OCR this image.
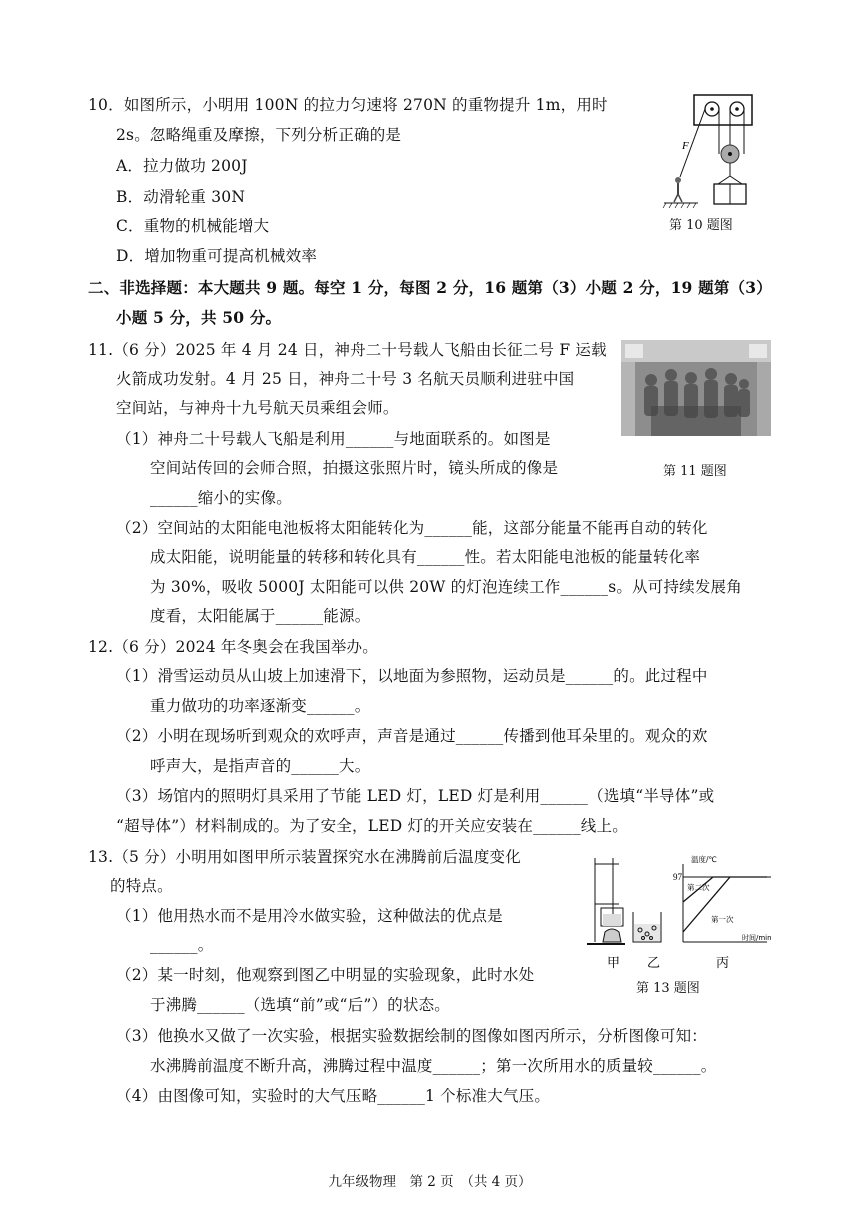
10．如图所示，小明用 100N 的拉力匀速将 270N 的重物提升 1m，用时
2s。忽略绳重及摩擦，下列分析正确的是
A．拉力做功 200J
B．动滑轮重 30N
C．重物的机械能增大
D．增加物重可提高机械效率
F
第 10 题图
二、非选择题：本大题共 9 题。每空 1 分，每图 2 分，16 题第（3）小题 2 分，19 题第（3）
小题 5 分，共 50 分。
11.（6 分）2025 年 4 月 24 日，神舟二十号载人飞船由长征二号 F 运载
火箭成功发射。4 月 25 日，神舟二十号 3 名航天员顺利进驻中国
空间站，与神舟十九号航天员乘组会师。
（1）神舟二十号载人飞船是利用______与地面联系的。如图是
空间站传回的会师合照，拍摄这张照片时，镜头所成的像是
______缩小的实像。
（2）空间站的太阳能电池板将太阳能转化为______能，这部分能量不能再自动的转化
成太阳能，说明能量的转移和转化具有______性。若太阳能电池板的能量转化率
为 30%，吸收 5000J 太阳能可以供 20W 的灯泡连续工作______s。从可持续发展角
度看，太阳能属于______能源。
第 11 题图
12.（6 分）2024 年冬奥会在我国举办。
（1）滑雪运动员从山坡上加速滑下，以地面为参照物，运动员是______的。此过程中
重力做功的功率逐渐变______。
（2）小明在现场听到观众的欢呼声，声音是通过______传播到他耳朵里的。观众的欢
呼声大，是指声音的______大。
（3）场馆内的照明灯具采用了节能 LED 灯，LED 灯是利用______（选填“半导体”或
“超导体”）材料制成的。为了安全，LED 灯的开关应安装在______线上。
13.（5 分）小明用如图甲所示装置探究水在沸腾前后温度变化
的特点。
（1）他用热水而不是用冷水做实验，这种做法的优点是
______。
（2）某一时刻，他观察到图乙中明显的实验现象，此时水处
于沸腾______（选填“前”或“后”）的状态。
（3）他换水又做了一次实验，根据实验数据绘制的图像如图丙所示，分析图像可知：
水沸腾前温度不断升高，沸腾过程中温度______；第一次所用水的质量较______。
（4）由图像可知，实验时的大气压略______1 个标准大气压。
温度/℃
97
第二次
第一次
时间/min
甲 乙	丙
第 13 题图
九年级物理　第 2 页　（共 4 页）
